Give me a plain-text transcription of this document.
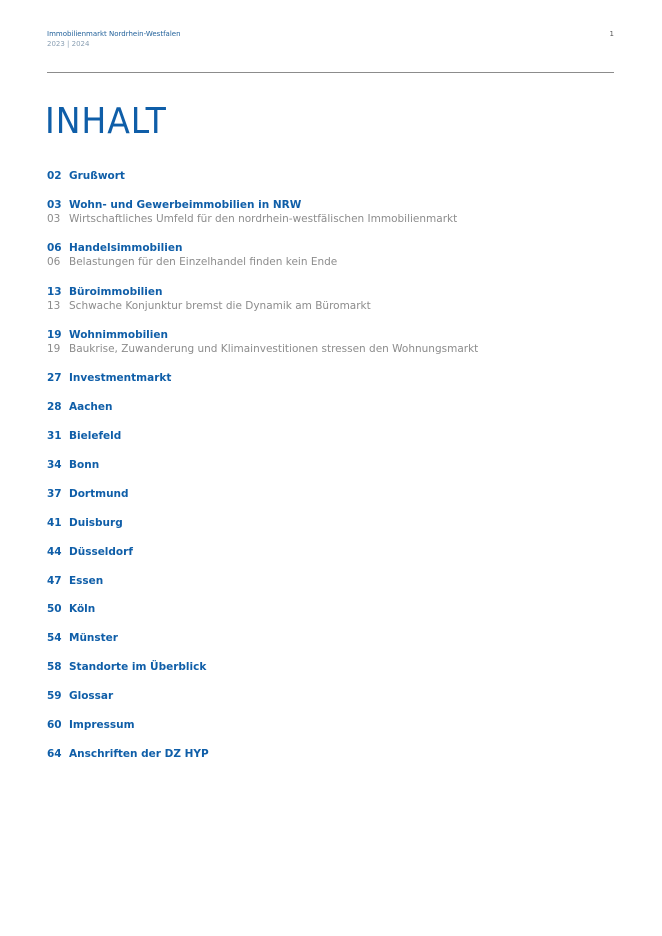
Immobilienmarkt Nordrhein-Westfalen
2023 | 2024
1
INHALT
02 Grußwort
03 Wohn- und Gewerbeimmobilien in NRW
03 Wirtschaftliches Umfeld für den nordrhein-westfälischen Immobilienmarkt
06 Handelsimmobilien
06 Belastungen für den Einzelhandel finden kein Ende
13 Büroimmobilien
13 Schwache Konjunktur bremst die Dynamik am Büromarkt
19 Wohnimmobilien
19 Baukrise, Zuwanderung und Klimainvestitionen stressen den Wohnungsmarkt
27 Investmentmarkt
28 Aachen
31 Bielefeld
34 Bonn
37 Dortmund
41 Duisburg
44 Düsseldorf
47 Essen
50 Köln
54 Münster
58 Standorte im Überblick
59 Glossar
60 Impressum
64 Anschriften der DZ HYP
